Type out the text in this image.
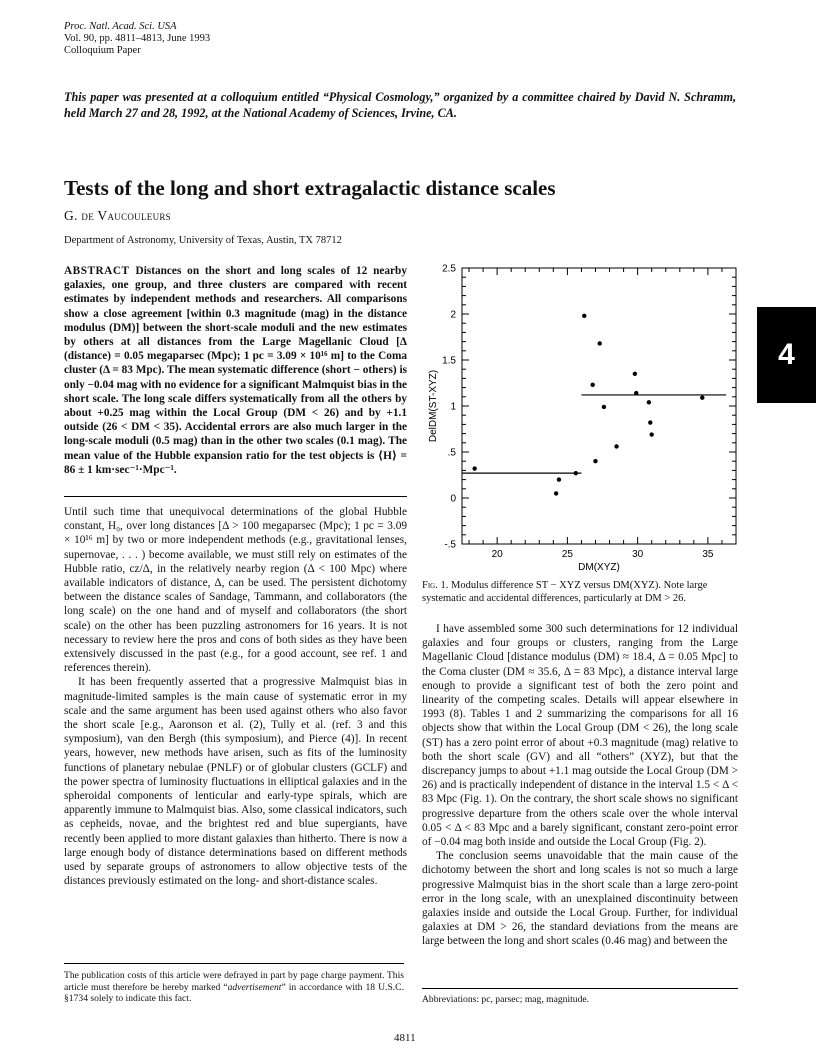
Proc. Natl. Acad. Sci. USA
Vol. 90, pp. 4811–4813, June 1993
Colloquium Paper
This paper was presented at a colloquium entitled “Physical Cosmology,” organized by a committee chaired by David N. Schramm, held March 27 and 28, 1992, at the National Academy of Sciences, Irvine, CA.
Tests of the long and short extragalactic distance scales
G. de Vaucouleurs
Department of Astronomy, University of Texas, Austin, TX 78712
4
ABSTRACT Distances on the short and long scales of 12 nearby galaxies, one group, and three clusters are compared with recent estimates by independent methods and researchers. All comparisons show a close agreement [within 0.3 magnitude (mag) in the distance modulus (DM)] between the short-scale moduli and the new estimates by others at all distances from the Large Magellanic Cloud [Δ (distance) = 0.05 megaparsec (Mpc); 1 pc = 3.09 × 10¹⁶ m] to the Coma cluster (Δ = 83 Mpc). The mean systematic difference (short − others) is only −0.04 mag with no evidence for a significant Malmquist bias in the short scale. The long scale differs systematically from all the others by about +0.25 mag within the Local Group (DM < 26) and by +1.1 outside (26 < DM < 35). Accidental errors are also much larger in the long-scale moduli (0.5 mag) than in the other two scales (0.1 mag). The mean value of the Hubble expansion ratio for the test objects is ⟨H⟩ = 86 ± 1 km·sec⁻¹·Mpc⁻¹.

Until such time that unequivocal determinations of the global Hubble constant, H₀, over long distances [Δ > 100 megaparsec (Mpc); 1 pc = 3.09 × 10¹⁶ m] by two or more independent methods (e.g., gravitational lenses, supernovae, . . . ) become available, we must still rely on estimates of the Hubble ratio, cz/Δ, in the relatively nearby region (Δ < 100 Mpc) where available indicators of distance, Δ, can be used. The persistent dichotomy between the distance scales of Sandage, Tammann, and collaborators (the long scale) on the one hand and of myself and collaborators (the short scale) on the other has been puzzling astronomers for 16 years. It is not necessary to review here the pros and cons of both sides as they have been extensively discussed in the past (e.g., for a good account, see ref. 1 and references therein).

It has been frequently asserted that a progressive Malmquist bias in magnitude-limited samples is the main cause of systematic error in my scale and the same argument has been used against others who also favor the short scale [e.g., Aaronson et al. (2), Tully et al. (ref. 3 and this symposium), van den Bergh (this symposium), and Pierce (4)]. In recent years, however, new methods have arisen, such as fits of the luminosity functions of planetary nebulae (PNLF) or of globular clusters (GCLF) and the power spectra of luminosity fluctuations in elliptical galaxies and in the spheroidal components of lenticular and early-type spirals, which are apparently immune to Malmquist bias. Also, some classical indicators, such as cepheids, novae, and the brightest red and blue supergiants, have recently been applied to more distant galaxies than hitherto. There is now a large enough body of distance determinations based on different methods used by separate groups of astronomers to allow objective tests of the distances previously estimated on the long- and short-distance scales.

The publication costs of this article were defrayed in part by page charge payment. This article must therefore be hereby marked “advertisement” in accordance with 18 U.S.C. §1734 solely to indicate this fact.
20	25	30	35
-.5
0
.5
1
1.5
2
2.5
DM(XYZ)
DelDM(ST-XYZ)
Fig. 1. Modulus difference ST − XYZ versus DM(XYZ). Note large systematic and accidental differences, particularly at DM > 26.

I have assembled some 300 such determinations for 12 individual galaxies and four groups or clusters, ranging from the Large Magellanic Cloud [distance modulus (DM) ≈ 18.4, Δ = 0.05 Mpc] to the Coma cluster (DM ≈ 35.6, Δ = 83 Mpc), a distance interval large enough to provide a significant test of both the zero point and linearity of the competing scales. Details will appear elsewhere in 1993 (8). Tables 1 and 2 summarizing the comparisons for all 16 objects show that within the Local Group (DM < 26), the long scale (ST) has a zero point error of about +0.3 magnitude (mag) relative to both the short scale (GV) and all “others” (XYZ), but that the discrepancy jumps to about +1.1 mag outside the Local Group (DM > 26) and is practically independent of distance in the interval 1.5 < Δ < 83 Mpc (Fig. 1). On the contrary, the short scale shows no significant progressive departure from the others scale over the whole interval 0.05 < Δ < 83 Mpc and a barely significant, constant zero-point error of −0.04 mag both inside and outside the Local Group (Fig. 2).

The conclusion seems unavoidable that the main cause of the dichotomy between the short and long scales is not so much a large progressive Malmquist bias in the short scale than a large zero-point error in the long scale, with an unexplained discontinuity between galaxies inside and outside the Local Group. Further, for individual galaxies at DM > 26, the standard deviations from the means are large between the long and short scales (0.46 mag) and between the

Abbreviations: pc, parsec; mag, magnitude.
4811
